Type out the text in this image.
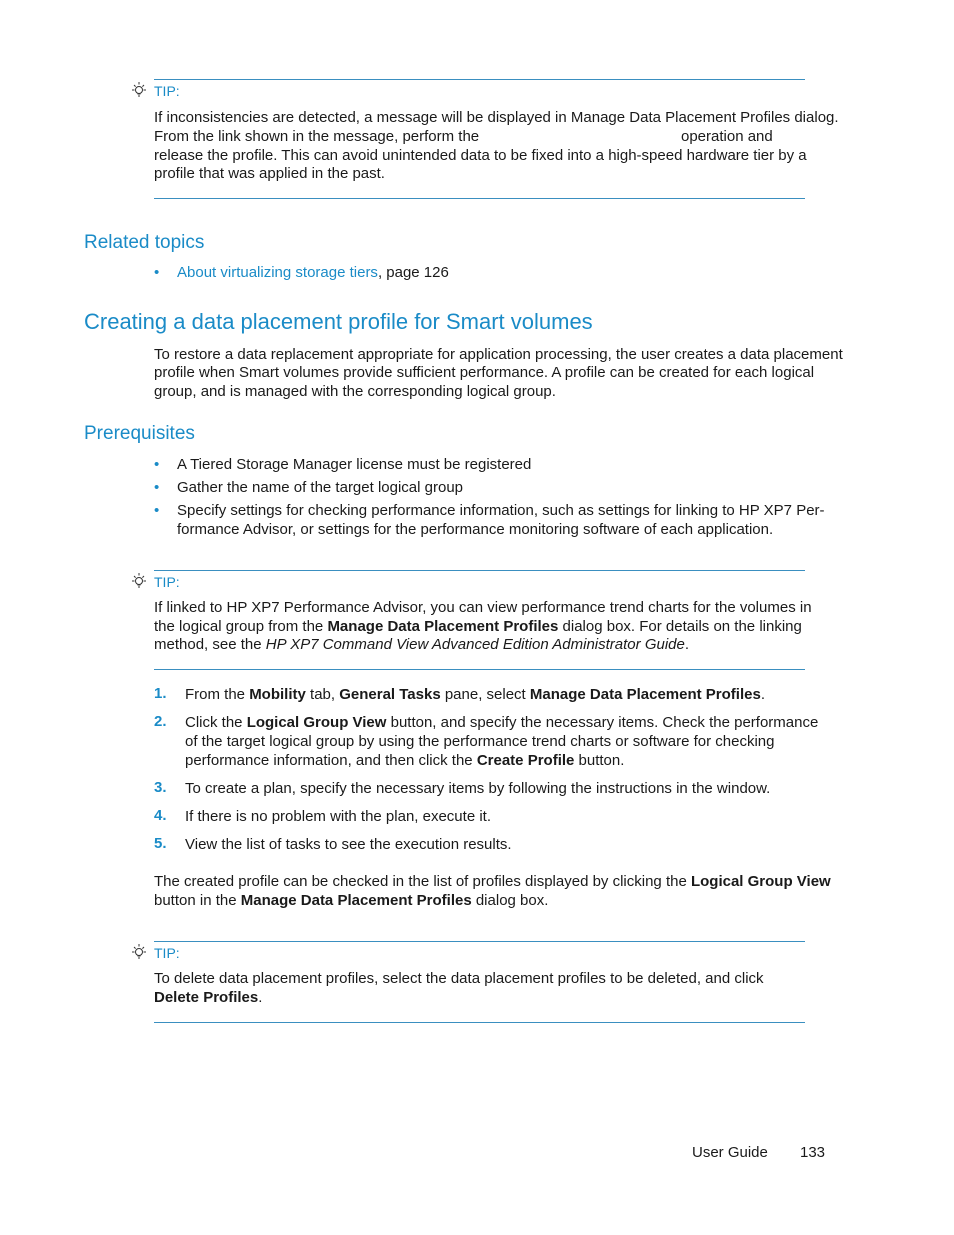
TIP:
If inconsistencies are detected, a message will be displayed in Manage Data Placement Profiles dialog.
From the link shown in the message, perform the	operation and
release the profile. This can avoid unintended data to be fixed into a high-speed hardware tier by a
profile that was applied in the past.
Related topics
• About virtualizing storage tiers, page 126
Creating a data placement profile for Smart volumes
To restore a data replacement appropriate for application processing, the user creates a data placement
profile when Smart volumes provide sufficient performance. A profile can be created for each logical
group, and is managed with the corresponding logical group.
Prerequisites
• A Tiered Storage Manager license must be registered
• Gather the name of the target logical group
• Specify settings for checking performance information, such as settings for linking to HP XP7 Per-
formance Advisor, or settings for the performance monitoring software of each application.
TIP:
If linked to HP XP7 Performance Advisor, you can view performance trend charts for the volumes in
the logical group from the Manage Data Placement Profiles dialog box. For details on the linking
method, see the HP XP7 Command View Advanced Edition Administrator Guide.
1. From the Mobility tab, General Tasks pane, select Manage Data Placement Profiles.
2. Click the Logical Group View button, and specify the necessary items. Check the performance
of the target logical group by using the performance trend charts or software for checking
performance information, and then click the Create Profile button.
3. To create a plan, specify the necessary items by following the instructions in the window.
4. If there is no problem with the plan, execute it.
5. View the list of tasks to see the execution results.
The created profile can be checked in the list of profiles displayed by clicking the Logical Group View
button in the Manage Data Placement Profiles dialog box.
TIP:
To delete data placement profiles, select the data placement profiles to be deleted, and click
Delete Profiles.
User Guide 133
